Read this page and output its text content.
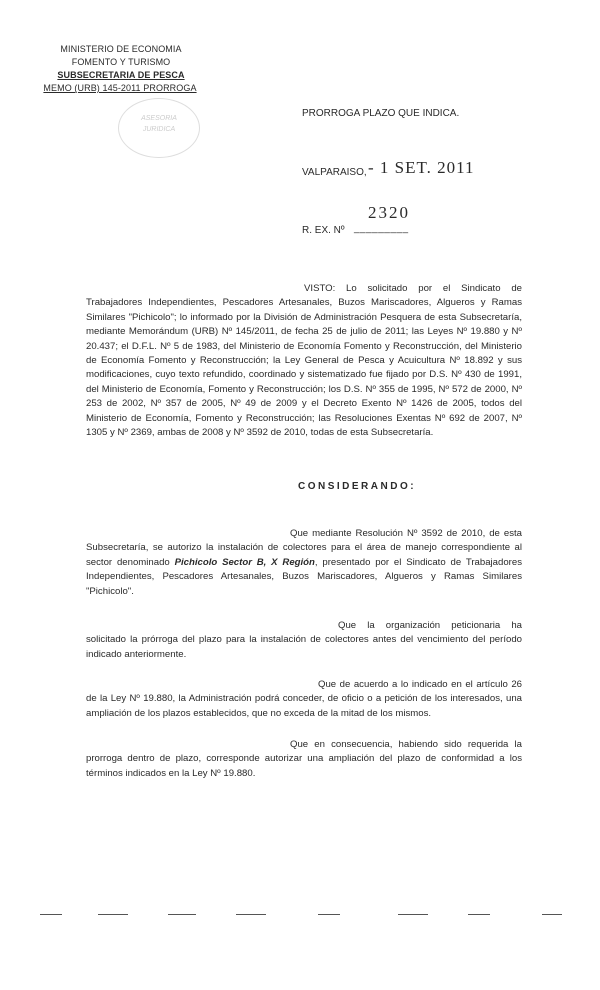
MINISTERIO DE ECONOMIA
FOMENTO Y TURISMO
SUBSECRETARIA DE PESCA
MEMO (URB) 145-2011 PRORROGA
ASESORIA
JURIDICA
PRORROGA PLAZO QUE INDICA.
VALPARAISO, - 1 SET. 2011
2320
R. EX. Nº _________
VISTO: Lo solicitado por el Sindicato de Trabajadores Independientes, Pescadores Artesanales, Buzos Mariscadores, Algueros y Ramas Similares "Pichicolo"; lo informado por la División de Administración Pesquera de esta Subsecretaría, mediante Memorándum (URB) Nº 145/2011, de fecha 25 de julio de 2011; las Leyes Nº 19.880 y Nº 20.437; el D.F.L. Nº 5 de 1983, del Ministerio de Economía Fomento y Reconstrucción, del Ministerio de Economía Fomento y Reconstrucción; la Ley General de Pesca y Acuicultura Nº 18.892 y sus modificaciones, cuyo texto refundido, coordinado y sistematizado fue fijado por D.S. Nº 430 de 1991, del Ministerio de Economía, Fomento y Reconstrucción; los D.S. Nº 355 de 1995, Nº 572 de 2000, Nº 253 de 2002, Nº 357 de 2005, Nº 49 de 2009 y el Decreto Exento Nº 1426 de 2005, todos del Ministerio de Economía, Fomento y Reconstrucción; las Resoluciones Exentas Nº 692 de 2007, Nº 1305 y Nº 2369, ambas de 2008 y Nº 3592 de 2010, todas de esta Subsecretaría.
CONSIDERANDO:
Que mediante Resolución Nº 3592 de 2010, de esta Subsecretaría, se autorizo la instalación de colectores para el área de manejo correspondiente al sector denominado Pichicolo Sector B, X Región, presentado por el Sindicato de Trabajadores Independientes, Pescadores Artesanales, Buzos Mariscadores, Algueros y Ramas Similares "Pichicolo".
Que la organización peticionaria ha solicitado la prórroga del plazo para la instalación de colectores antes del vencimiento del período indicado anteriormente.
Que de acuerdo a lo indicado en el artículo 26 de la Ley Nº 19.880, la Administración podrá conceder, de oficio o a petición de los interesados, una ampliación de los plazos establecidos, que no exceda de la mitad de los mismos.
Que en consecuencia, habiendo sido requerida la prorroga dentro de plazo, corresponde autorizar una ampliación del plazo de conformidad a los términos indicados en la Ley Nº 19.880.
